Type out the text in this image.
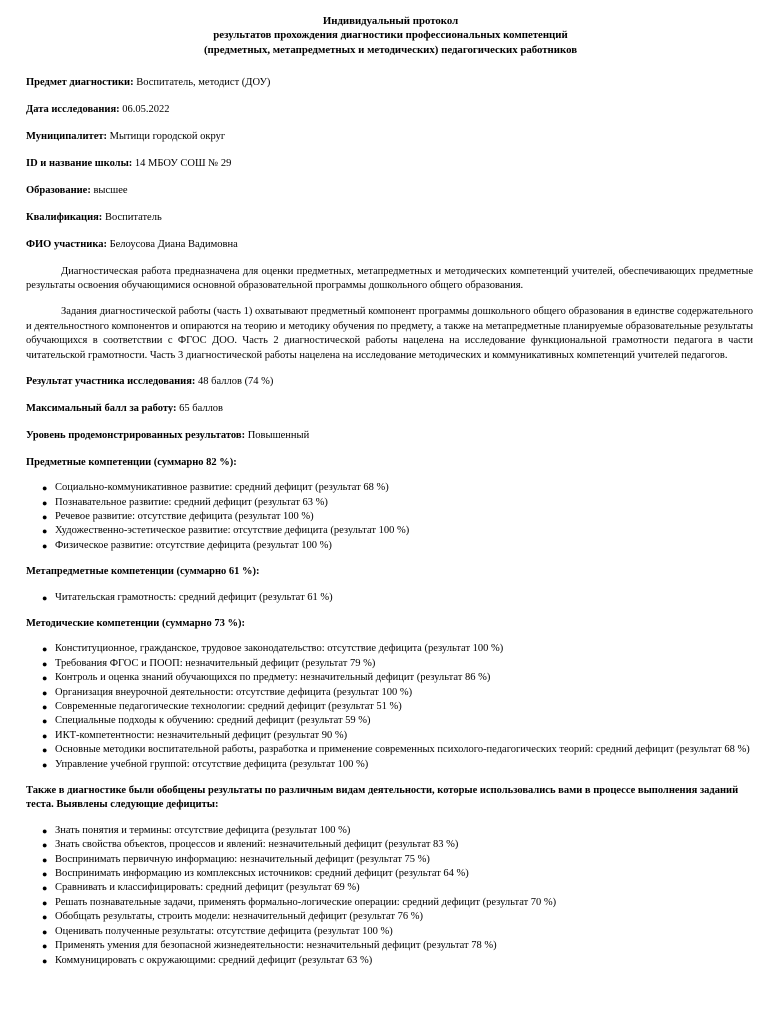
Индивидуальный протокол
результатов прохождения диагностики профессиональных компетенций
(предметных, метапредметных и методических) педагогических работников
Предмет диагностики: Воспитатель, методист (ДОУ)
Дата исследования: 06.05.2022
Муниципалитет: Мытищи городской округ
ID и название школы: 14 МБОУ СОШ № 29
Образование: высшее
Квалификация: Воспитатель
ФИО участника: Белоусова Диана Вадимовна
Диагностическая работа предназначена для оценки предметных, метапредметных и методических компетенций учителей, обеспечивающих предметные результаты освоения обучающимися основной образовательной программы дошкольного общего образования.
Задания диагностической работы (часть 1) охватывают предметный компонент программы дошкольного общего образования в единстве содержательного и деятельностного компонентов и опираются на теорию и методику обучения по предмету, а также на метапредметные планируемые образовательные результаты обучающихся в соответствии с ФГОС ДОО. Часть 2 диагностической работы нацелена на исследование функциональной грамотности педагога в части читательской грамотности. Часть 3 диагностической работы нацелена на исследование методических и коммуникативных компетенций учителей педагогов.
Результат участника исследования: 48 баллов (74 %)
Максимальный балл за работу: 65 баллов
Уровень продемонстрированных результатов: Повышенный
Предметные компетенции (суммарно 82 %):
● Социально-коммуникативное развитие: средний дефицит (результат 68 %)
● Познавательное развитие: средний дефицит (результат 63 %)
● Речевое развитие: отсутствие дефицита (результат 100 %)
● Художественно-эстетическое развитие: отсутствие дефицита (результат 100 %)
● Физическое развитие: отсутствие дефицита (результат 100 %)
Метапредметные компетенции (суммарно 61 %):
● Читательская грамотность: средний дефицит (результат 61 %)
Методические компетенции (суммарно 73 %):
● Конституционное, гражданское, трудовое законодательство: отсутствие дефицита (результат 100 %)
● Требования ФГОС и ПООП: незначительный дефицит (результат 79 %)
● Контроль и оценка знаний обучающихся по предмету: незначительный дефицит (результат 86 %)
● Организация внеурочной деятельности: отсутствие дефицита (результат 100 %)
● Современные педагогические технологии: средний дефицит (результат 51 %)
● Специальные подходы к обучению: средний дефицит (результат 59 %)
● ИКТ-компетентности: незначительный дефицит (результат 90 %)
● Основные методики воспитательной работы, разработка и применение современных психолого-педагогических теорий: средний дефицит (результат 68 %)
● Управление учебной группой: отсутствие дефицита (результат 100 %)
Также в диагностике были обобщены результаты по различным видам деятельности, которые использовались вами в процессе выполнения заданий теста. Выявлены следующие дефициты:
● Знать понятия и термины: отсутствие дефицита (результат 100 %)
● Знать свойства объектов, процессов и явлений: незначительный дефицит (результат 83 %)
● Воспринимать первичную информацию: незначительный дефицит (результат 75 %)
● Воспринимать информацию из комплексных источников: средний дефицит (результат 64 %)
● Сравнивать и классифицировать: средний дефицит (результат 69 %)
● Решать познавательные задачи, применять формально-логические операции: средний дефицит (результат 70 %)
● Обобщать результаты, строить модели: незначительный дефицит (результат 76 %)
● Оценивать полученные результаты: отсутствие дефицита (результат 100 %)
● Применять умения для безопасной жизнедеятельности: незначительный дефицит (результат 78 %)
● Коммуницировать с окружающими: средний дефицит (результат 63 %)
